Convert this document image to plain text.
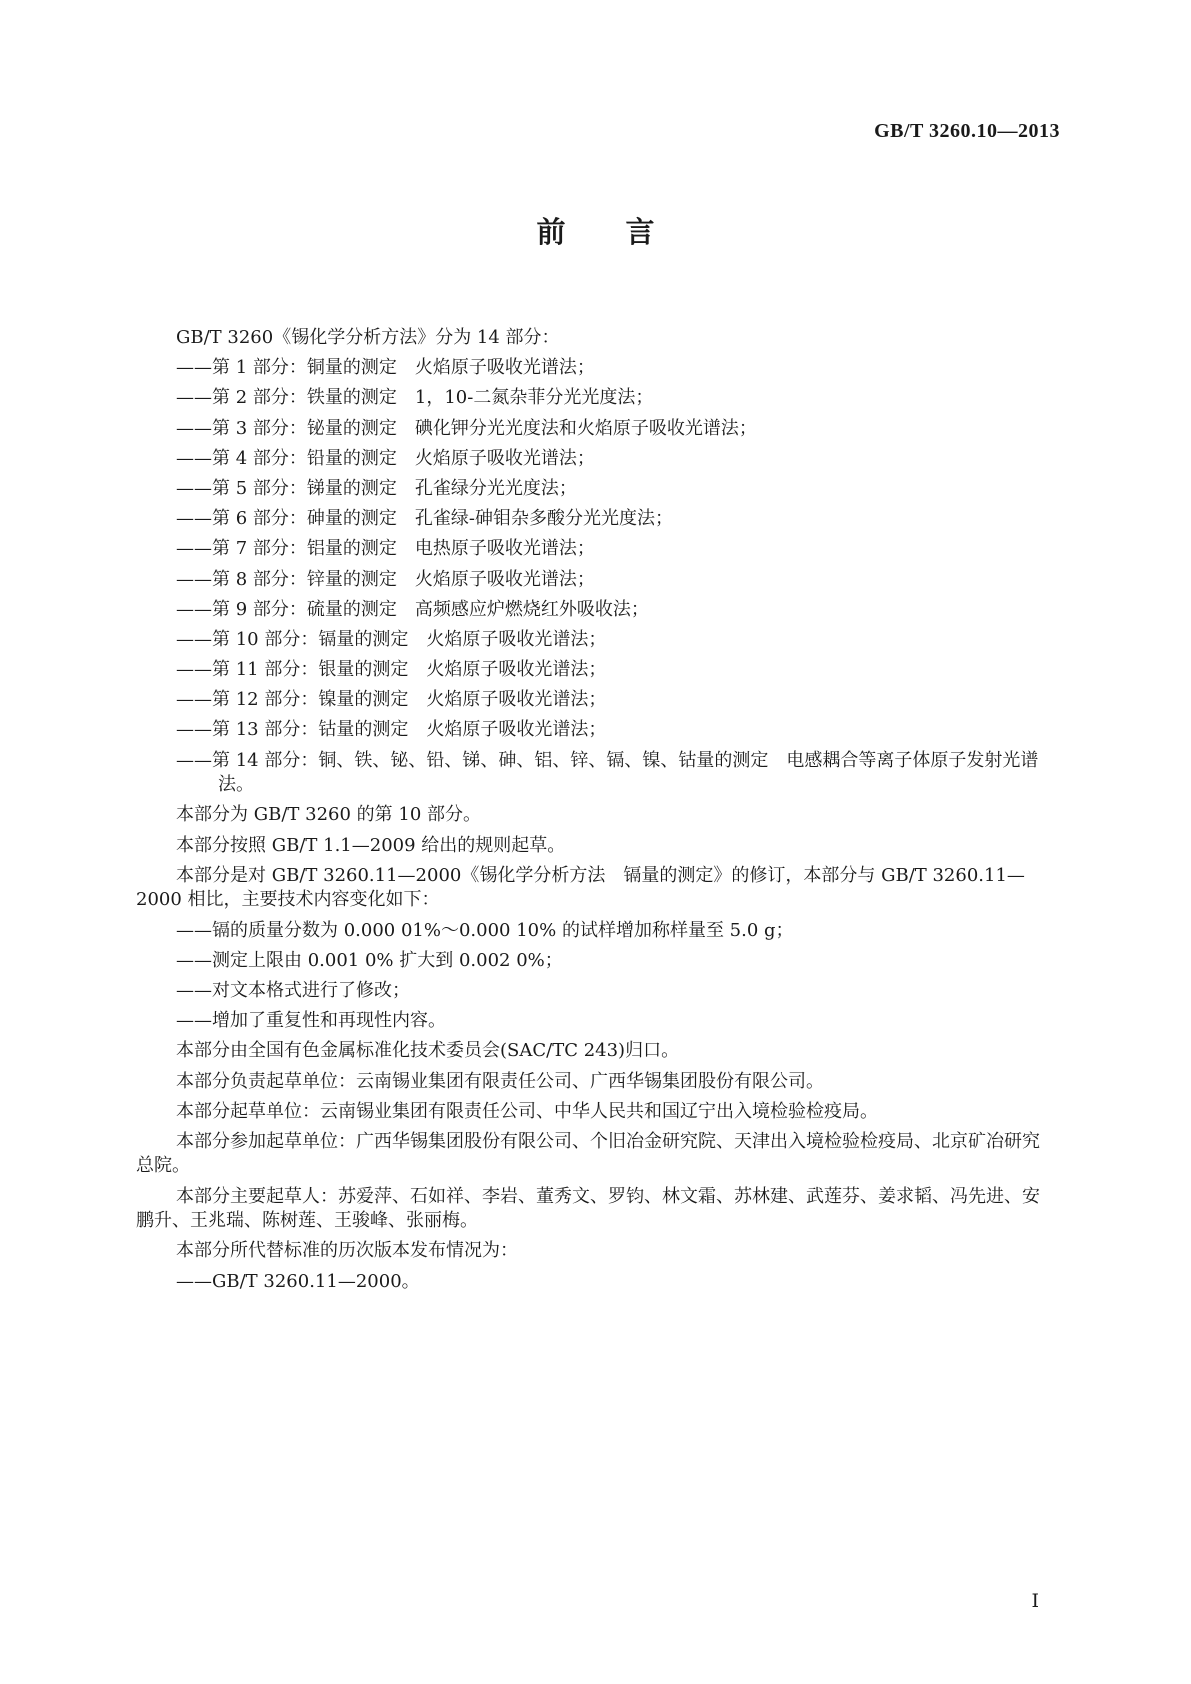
GB/T 3260.10—2013
前言
GB/T 3260《锡化学分析方法》分为 14 部分：
——第 1 部分：铜量的测定　火焰原子吸收光谱法；
——第 2 部分：铁量的测定　1，10-二氮杂菲分光光度法；
——第 3 部分：铋量的测定　碘化钾分光光度法和火焰原子吸收光谱法；
——第 4 部分：铅量的测定　火焰原子吸收光谱法；
——第 5 部分：锑量的测定　孔雀绿分光光度法；
——第 6 部分：砷量的测定　孔雀绿-砷钼杂多酸分光光度法；
——第 7 部分：铝量的测定　电热原子吸收光谱法；
——第 8 部分：锌量的测定　火焰原子吸收光谱法；
——第 9 部分：硫量的测定　高频感应炉燃烧红外吸收法；
——第 10 部分：镉量的测定　火焰原子吸收光谱法；
——第 11 部分：银量的测定　火焰原子吸收光谱法；
——第 12 部分：镍量的测定　火焰原子吸收光谱法；
——第 13 部分：钴量的测定　火焰原子吸收光谱法；
——第 14 部分：铜、铁、铋、铅、锑、砷、铝、锌、镉、镍、钴量的测定　电感耦合等离子体原子发射光谱法。
本部分为 GB/T 3260 的第 10 部分。
本部分按照 GB/T 1.1—2009 给出的规则起草。
本部分是对 GB/T 3260.11—2000《锡化学分析方法　镉量的测定》的修订，本部分与 GB/T 3260.11—2000 相比，主要技术内容变化如下：
——镉的质量分数为 0.000 01%～0.000 10% 的试样增加称样量至 5.0 g；
——测定上限由 0.001 0% 扩大到 0.002 0%；
——对文本格式进行了修改；
——增加了重复性和再现性内容。
本部分由全国有色金属标准化技术委员会(SAC/TC 243)归口。
本部分负责起草单位：云南锡业集团有限责任公司、广西华锡集团股份有限公司。
本部分起草单位：云南锡业集团有限责任公司、中华人民共和国辽宁出入境检验检疫局。
本部分参加起草单位：广西华锡集团股份有限公司、个旧冶金研究院、天津出入境检验检疫局、北京矿冶研究总院。
本部分主要起草人：苏爱萍、石如祥、李岩、董秀文、罗钧、林文霜、苏林建、武莲芬、姜求韬、冯先进、安鹏升、王兆瑞、陈树莲、王骏峰、张丽梅。
本部分所代替标准的历次版本发布情况为：
——GB/T 3260.11—2000。
I
